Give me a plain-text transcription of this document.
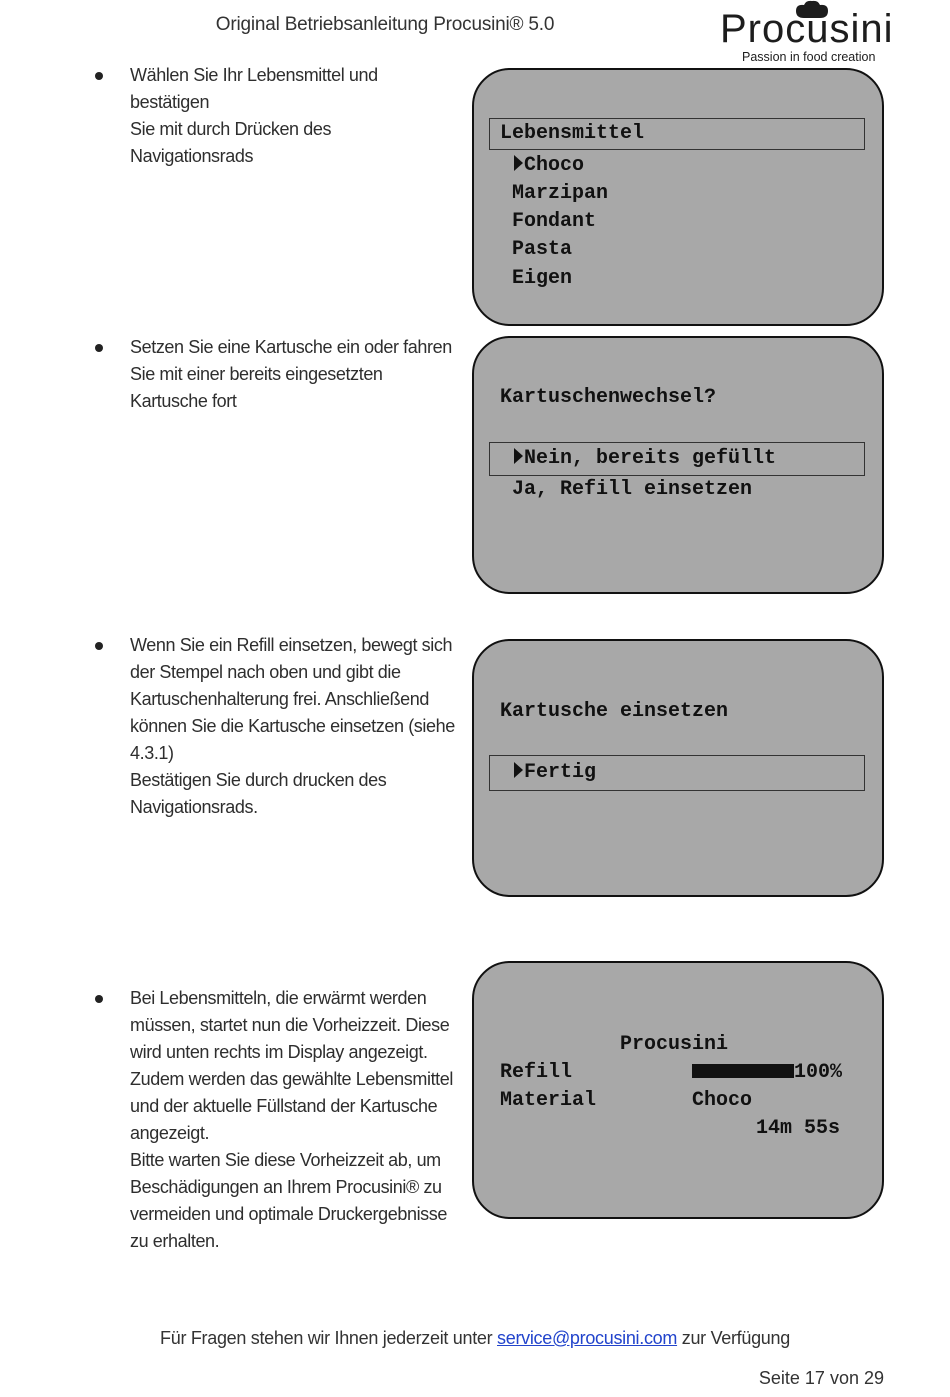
Original Betriebsanleitung Procusini® 5.0	Procusini
Passion in food creation

Wählen Sie Ihr Lebensmittel und bestätigen

Sie mit durch Drücken des Navigationsrads

Lebensmittel
Choco
Marzipan
Fondant
Pasta
Eigen

Setzen Sie eine Kartusche ein oder fahren

Sie mit einer bereits eingesetzten

Kartusche fort	Kartuschenwechsel?
Nein, bereits gefüllt
Ja, Refill einsetzen

Wenn Sie ein Refill einsetzen, bewegt sich

der Stempel nach oben und gibt die

Kartuschenhalterung frei. Anschließend

können Sie die Kartusche einsetzen (siehe

4.3.1)

Bestätigen Sie durch drucken des

Navigationsrads.

Kartusche einsetzen
Fertig

Bei Lebensmitteln, die erwärmt werden

müssen, startet nun die Vorheizzeit. Diese

wird unten rechts im Display angezeigt.

Zudem werden das gewählte Lebensmittel

und der aktuelle Füllstand der Kartusche

angezeigt.

Bitte warten Sie diese Vorheizzeit ab, um

Beschädigungen an Ihrem Procusini® zu

vermeiden und optimale Druckergebnisse

zu erhalten.

Procusini
Refill	100%
Material	Choco
14m 55s
Für Fragen stehen wir Ihnen jederzeit unter service@procusini.com zur Verfügung
Seite 17 von 29
